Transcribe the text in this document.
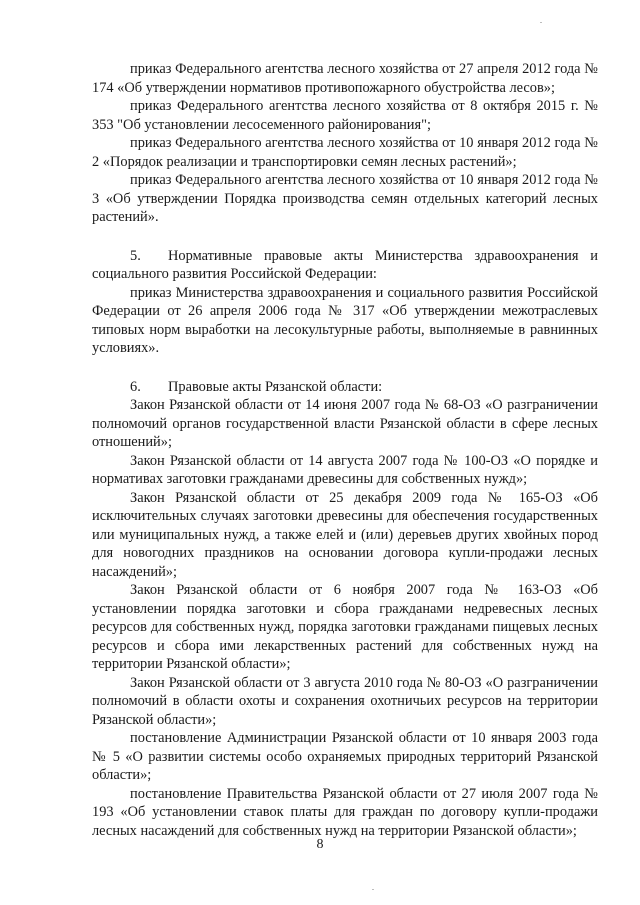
приказ Федерального агентства лесного хозяйства от 27 апреля 2012 года № 174 «Об утверждении нормативов противопожарного обустройства лесов»;

приказ Федерального агентства лесного хозяйства от 8 октября 2015 г. № 353 "Об установлении лесосеменного районирования";

приказ Федерального агентства лесного хозяйства от 10 января 2012 года № 2 «Порядок реализации и транспортировки семян лесных растений»;

приказ Федерального агентства лесного хозяйства от 10 января 2012 года № 3 «Об утверждении Порядка производства семян отдельных категорий лесных растений».

5. Нормативные правовые акты Министерства здравоохранения и социального развития Российской Федерации:

приказ Министерства здравоохранения и социального развития Российской Федерации от 26 апреля 2006 года № 317 «Об утверждении межотраслевых типовых норм выработки на лесокультурные работы, выполняемые в равнинных условиях».

6. Правовые акты Рязанской области:

Закон Рязанской области от 14 июня 2007 года № 68-ОЗ «О разграничении полномочий органов государственной власти Рязанской области в сфере лесных отношений»;

Закон Рязанской области от 14 августа 2007 года № 100-ОЗ «О порядке и нормативах заготовки гражданами древесины для собственных нужд»;

Закон Рязанской области от 25 декабря 2009 года № 165-ОЗ «Об исключительных случаях заготовки древесины для обеспечения государственных или муниципальных нужд, а также елей и (или) деревьев других хвойных пород для новогодних праздников на основании договора купли-продажи лесных насаждений»;

Закон Рязанской области от 6 ноября 2007 года № 163-ОЗ «Об установлении порядка заготовки и сбора гражданами недревесных лесных ресурсов для собственных нужд, порядка заготовки гражданами пищевых лесных ресурсов и сбора ими лекарственных растений для собственных нужд на территории Рязанской области»;

Закон Рязанской области от 3 августа 2010 года № 80-ОЗ «О разграничении полномочий в области охоты и сохранения охотничьих ресурсов на территории Рязанской области»;

постановление Администрации Рязанской области от 10 января 2003 года № 5 «О развитии системы особо охраняемых природных территорий Рязанской области»;

постановление Правительства Рязанской области от 27 июля 2007 года № 193 «Об установлении ставок платы для граждан по договору купли-продажи лесных насаждений для собственных нужд на территории Рязанской области»;

8
